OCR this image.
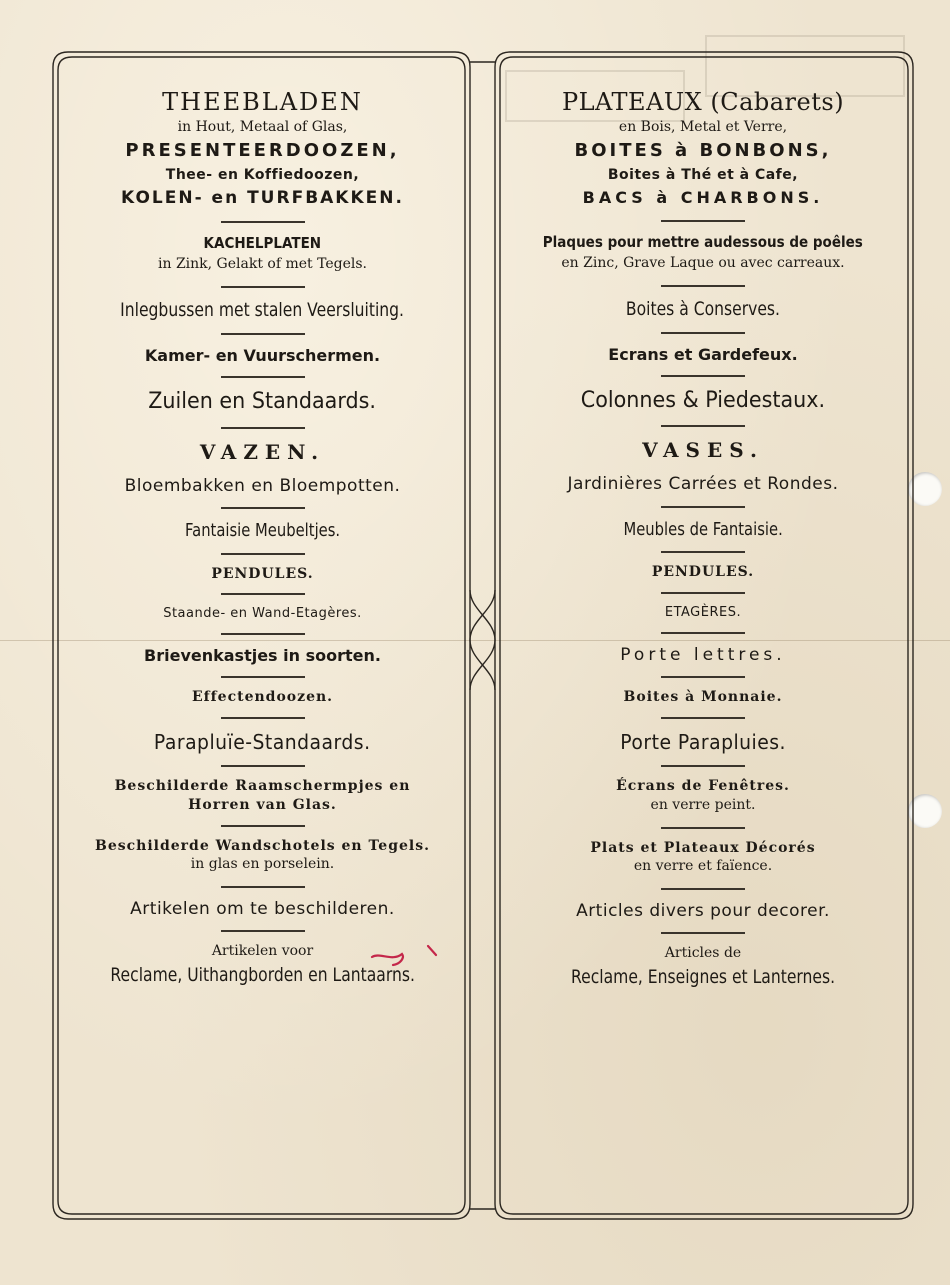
THEEBLADEN
in Hout, Metaal of Glas,
PRESENTEERDOOZEN,
Thee- en Koffiedoozen,
KOLEN- en TURFBAKKEN.
KACHELPLATEN
in Zink, Gelakt of met Tegels.
Inlegbussen met stalen Veersluiting.
Kamer- en Vuurschermen.
Zuilen en Standaards.
VAZEN.
Bloembakken en Bloempotten.
Fantaisie Meubeltjes.
PENDULES.
Staande- en Wand-Etagères.
Brievenkastjes in soorten.
Effectendoozen.
Parapluïe-Standaards.
Beschilderde Raamschermpjes en
Horren van Glas.
Beschilderde Wandschotels en Tegels.
in glas en porselein.
Artikelen om te beschilderen.
Artikelen voor
Reclame, Uithangborden en Lantaarns.
PLATEAUX (Cabarets)
en Bois, Metal et Verre,
BOITES à BONBONS,
Boites à Thé et à Cafe,
BACS à CHARBONS.
Plaques pour mettre audessous de poêles
en Zinc, Grave Laque ou avec carreaux.
Boites à Conserves.
Ecrans et Gardefeux.
Colonnes & Piedestaux.
VASES.
Jardinières Carrées et Rondes.
Meubles de Fantaisie.
PENDULES.
ETAGÈRES.
Porte lettres.
Boites à Monnaie.
Porte Parapluies.
Écrans de Fenêtres.
en verre peint.
Plats et Plateaux Décorés
en verre et faïence.
Articles divers pour decorer.
Articles de
Reclame, Enseignes et Lanternes.
